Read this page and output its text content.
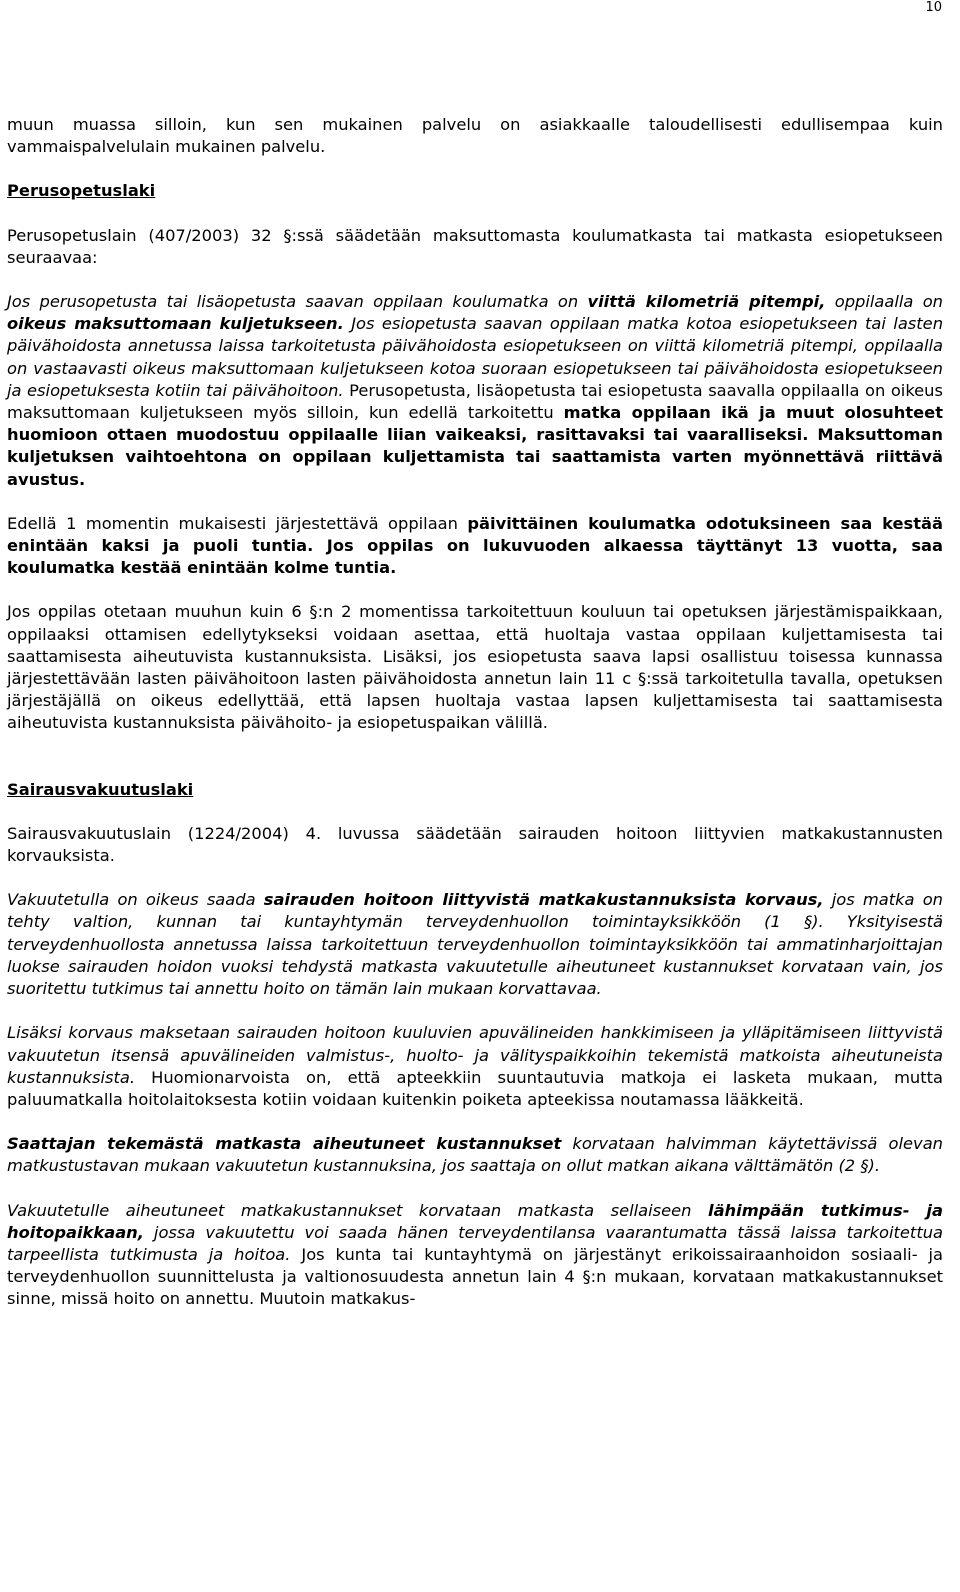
10

muun muassa silloin, kun sen mukainen palvelu on asiakkaalle taloudellisesti edullisempaa kuin vammaispalvelulain mukainen palvelu.

Perusopetuslaki

Perusopetuslain (407/2003) 32 §:ssä säädetään maksuttomasta koulumatkasta tai matkasta esiopetukseen seuraavaa:

Jos perusopetusta tai lisäopetusta saavan oppilaan koulumatka on viittä kilometriä pitempi, oppilaalla on oikeus maksuttomaan kuljetukseen. Jos esiopetusta saavan oppilaan matka kotoa esiopetukseen tai lasten päivähoidosta annetussa laissa tarkoitetusta päivähoidosta esiopetukseen on viittä kilometriä pitempi, oppilaalla on vastaavasti oikeus maksuttomaan kuljetukseen kotoa suoraan esiopetukseen tai päivähoidosta esiopetukseen ja esiopetuksesta kotiin tai päivähoitoon. Perusopetusta, lisäopetusta tai esiopetusta saavalla oppilaalla on oikeus maksuttomaan kuljetukseen myös silloin, kun edellä tarkoitettu matka oppilaan ikä ja muut olosuhteet huomioon ottaen muodostuu oppilaalle liian vaikeaksi, rasittavaksi tai vaaralliseksi. Maksuttoman kuljetuksen vaihtoehtona on oppilaan kuljettamista tai saattamista varten myönnettävä riittävä avustus.

Edellä 1 momentin mukaisesti järjestettävä oppilaan päivittäinen koulumatka odotuksineen saa kestää enintään kaksi ja puoli tuntia. Jos oppilas on lukuvuoden alkaessa täyttänyt 13 vuotta, saa koulumatka kestää enintään kolme tuntia.

Jos oppilas otetaan muuhun kuin 6 §:n 2 momentissa tarkoitettuun kouluun tai opetuksen järjestämispaikkaan, oppilaaksi ottamisen edellytykseksi voidaan asettaa, että huoltaja vastaa oppilaan kuljettamisesta tai saattamisesta aiheutuvista kustannuksista. Lisäksi, jos esiopetusta saava lapsi osallistuu toisessa kunnassa järjestettävään lasten päivähoitoon lasten päivähoidosta annetun lain 11 c §:ssä tarkoitetulla tavalla, opetuksen järjestäjällä on oikeus edellyttää, että lapsen huoltaja vastaa lapsen kuljettamisesta tai saattamisesta aiheutuvista kustannuksista päivähoito- ja esiopetuspaikan välillä.

Sairausvakuutuslaki

Sairausvakuutuslain (1224/2004) 4. luvussa säädetään sairauden hoitoon liittyvien matkakustannusten korvauksista.

Vakuutetulla on oikeus saada sairauden hoitoon liittyvistä matkakustannuksista korvaus, jos matka on tehty valtion, kunnan tai kuntayhtymän terveydenhuollon toimintayksikköön (1 §). Yksityisestä terveydenhuollosta annetussa laissa tarkoitettuun terveydenhuollon toimintayksikköön tai ammatinharjoittajan luokse sairauden hoidon vuoksi tehdystä matkasta vakuutetulle aiheutuneet kustannukset korvataan vain, jos suoritettu tutkimus tai annettu hoito on tämän lain mukaan korvattavaa.

Lisäksi korvaus maksetaan sairauden hoitoon kuuluvien apuvälineiden hankkimiseen ja ylläpitämiseen liittyvistä vakuutetun itsensä apuvälineiden valmistus-, huolto- ja välityspaikkoihin tekemistä matkoista aiheutuneista kustannuksista. Huomionarvoista on, että apteekkiin suuntautuvia matkoja ei lasketa mukaan, mutta paluumatkalla hoitolaitoksesta kotiin voidaan kuitenkin poiketa apteekissa noutamassa lääkkeitä.

Saattajan tekemästä matkasta aiheutuneet kustannukset korvataan halvimman käytettävissä olevan matkustustavan mukaan vakuutetun kustannuksina, jos saattaja on ollut matkan aikana välttämätön (2 §).

Vakuutetulle aiheutuneet matkakustannukset korvataan matkasta sellaiseen lähimpään tutkimus- ja hoitopaikkaan, jossa vakuutettu voi saada hänen terveydentilansa vaarantumatta tässä laissa tarkoitettua tarpeellista tutkimusta ja hoitoa. Jos kunta tai kuntayhtymä on järjestänyt erikoissairaanhoidon sosiaali- ja terveydenhuollon suunnittelusta ja valtionosuudesta annetun lain 4 §:n mukaan, korvataan matkakustannukset sinne, missä hoito on annettu. Muutoin matkakus-
